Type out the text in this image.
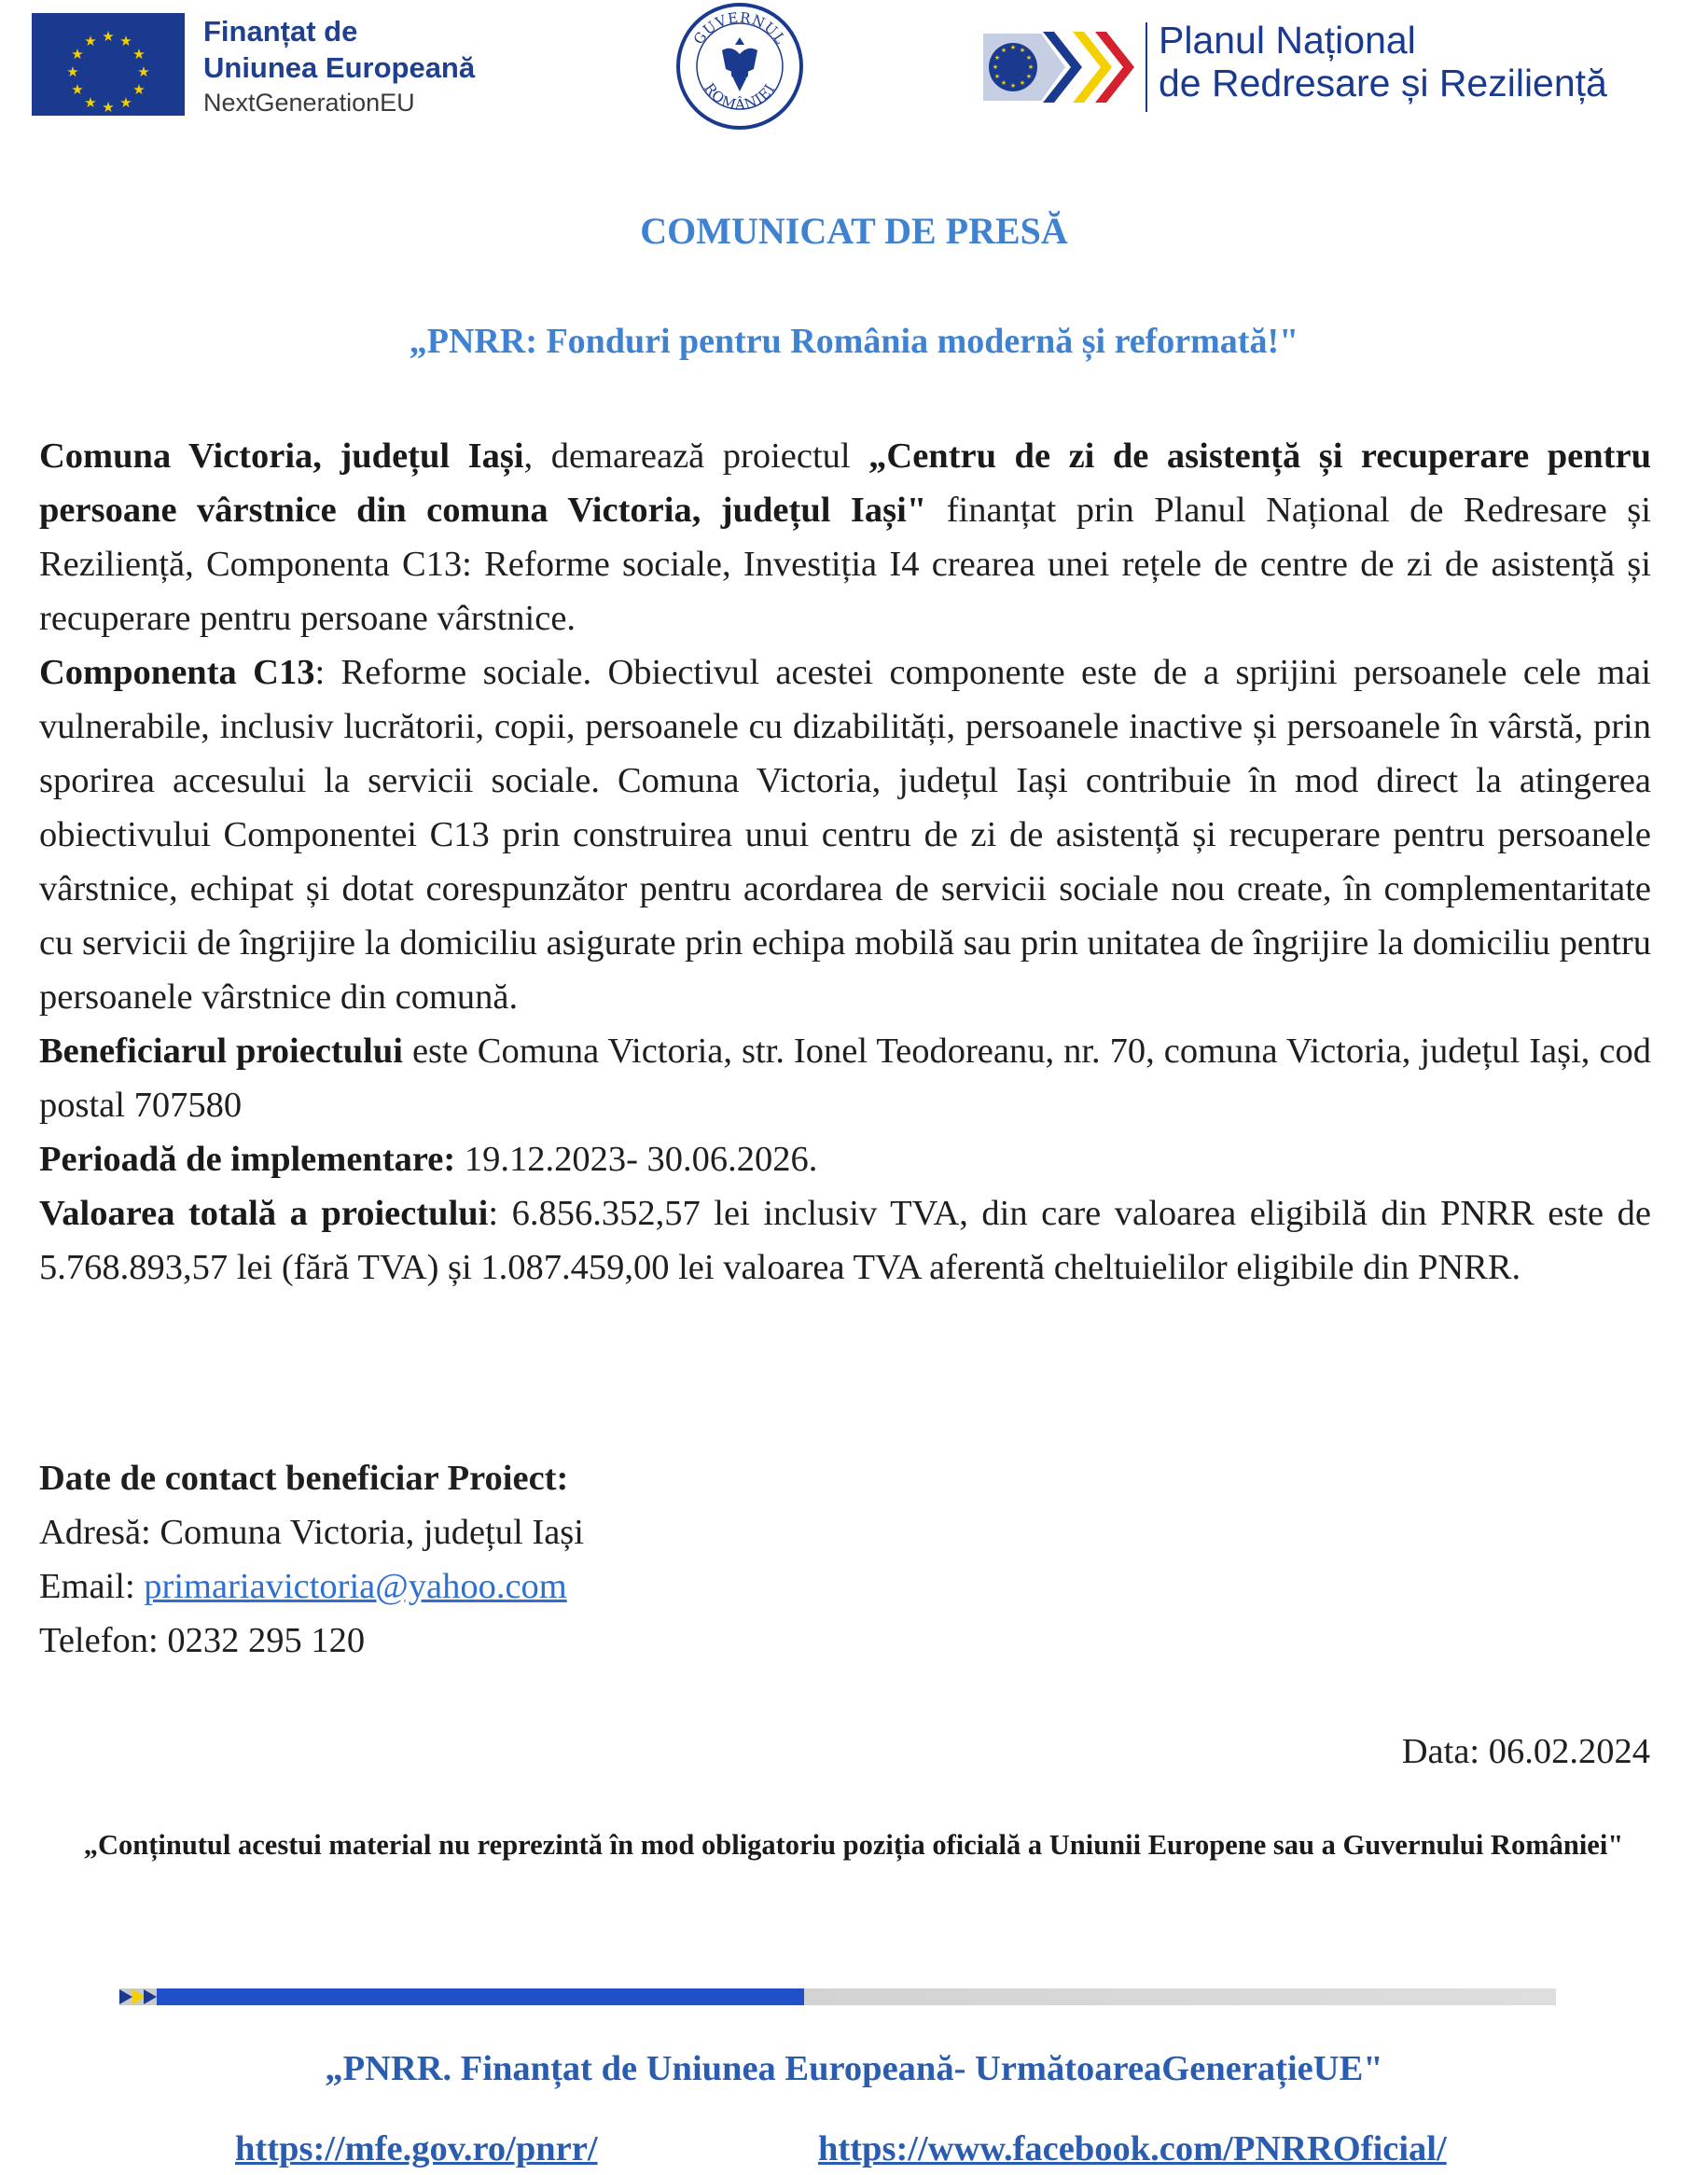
★ ★
★
★
★
★
★
★
★
★
★
★	Finanțat de
Uniunea Europeană
NextGenerationEU
GUVERNUL
ROMÂNIEI
★ ★
★
★
★
★
★
★
★
★
★
★	Planul Național
de Redresare și Reziliență
COMUNICAT DE PRESĂ
„PNRR: Fonduri pentru România modernă și reformată!"

Comuna Victoria, județul Iași, demarează proiectul „Centru de zi de asistență și recuperare pentru persoane vârstnice din comuna Victoria, județul Iași" finanțat prin Planul Național de Redresare și Reziliență, Componenta C13: Reforme sociale, Investiția I4 crearea unei rețele de centre de zi de asistență și recuperare pentru persoane vârstnice.

Componenta C13: Reforme sociale. Obiectivul acestei componente este de a sprijini persoanele cele mai vulnerabile, inclusiv lucrătorii, copii, persoanele cu dizabilități, persoanele inactive și persoanele în vârstă, prin sporirea accesului la servicii sociale. Comuna Victoria, județul Iași contribuie în mod direct la atingerea obiectivului Componentei C13 prin construirea unui centru de zi de asistență și recuperare pentru persoanele vârstnice, echipat și dotat corespunzător pentru acordarea de servicii sociale nou create, în complementaritate cu servicii de îngrijire la domiciliu asigurate prin echipa mobilă sau prin unitatea de îngrijire la domiciliu pentru persoanele vârstnice din comună.

Beneficiarul proiectului este Comuna Victoria, str. Ionel Teodoreanu, nr. 70, comuna Victoria, județul Iași, cod postal 707580

Perioadă de implementare: 19.12.2023- 30.06.2026.

Valoarea totală a proiectului: 6.856.352,57 lei inclusiv TVA, din care valoarea eligibilă din PNRR este de 5.768.893,57 lei (fără TVA) și 1.087.459,00 lei valoarea TVA aferentă cheltuielilor eligibile din PNRR.

Date de contact beneficiar Proiect:
Adresă: Comuna Victoria, județul Iași
Email: primariavictoria@yahoo.com
Telefon: 0232 295 120
Data: 06.02.2024
„Conținutul acestui material nu reprezintă în mod obligatoriu poziția oficială a Uniunii Europene sau a Guvernului României"
„PNRR. Finanțat de Uniunea Europeană- UrmătoareaGenerațieUE"
https://mfe.gov.ro/pnrr/	https://www.facebook.com/PNRROficial/
